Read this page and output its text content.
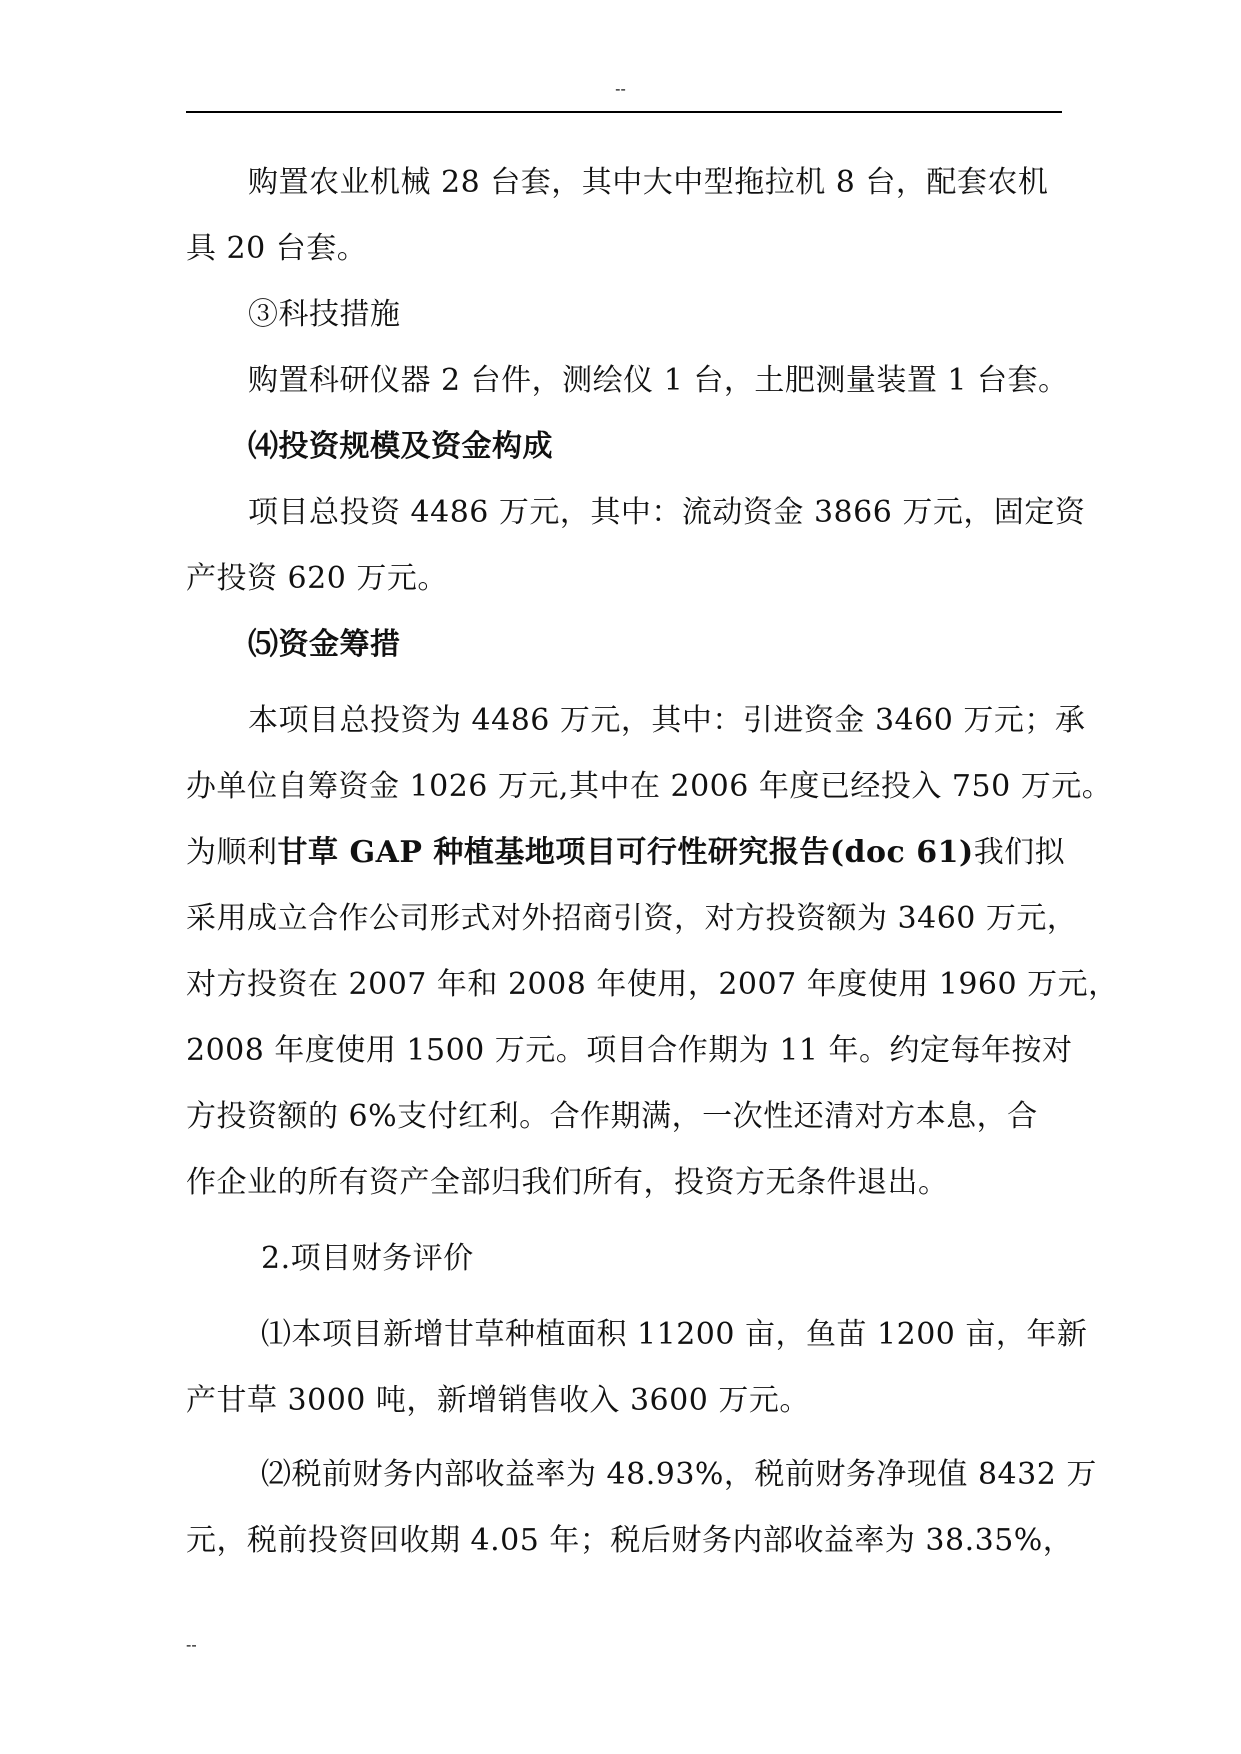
--

购置农业机械 28 台套，其中大中型拖拉机 8 台，配套农机

具 20 台套。

③科技措施

购置科研仪器 2 台件，测绘仪 1 台，土肥测量装置 1 台套。

⑷投资规模及资金构成

项目总投资 4486 万元，其中：流动资金 3866 万元，固定资

产投资 620 万元。

⑸资金筹措

本项目总投资为 4486 万元，其中：引进资金 3460 万元；承

办单位自筹资金 1026 万元,其中在 2006 年度已经投入 750 万元。

为顺利甘草 GAP 种植基地项目可行性研究报告(doc 61)我们拟

采用成立合作公司形式对外招商引资，对方投资额为 3460 万元，

对方投资在 2007 年和 2008 年使用，2007 年度使用 1960 万元，

2008 年度使用 1500 万元。项目合作期为 11 年。约定每年按对

方投资额的 6%支付红利。合作期满，一次性还清对方本息，合

作企业的所有资产全部归我们所有，投资方无条件退出。

2.项目财务评价

⑴本项目新增甘草种植面积 11200 亩，鱼苗 1200 亩，年新

产甘草 3000 吨，新增销售收入 3600 万元。

⑵税前财务内部收益率为 48.93%，税前财务净现值 8432 万

元，税前投资回收期 4.05 年；税后财务内部收益率为 38.35%，

--
